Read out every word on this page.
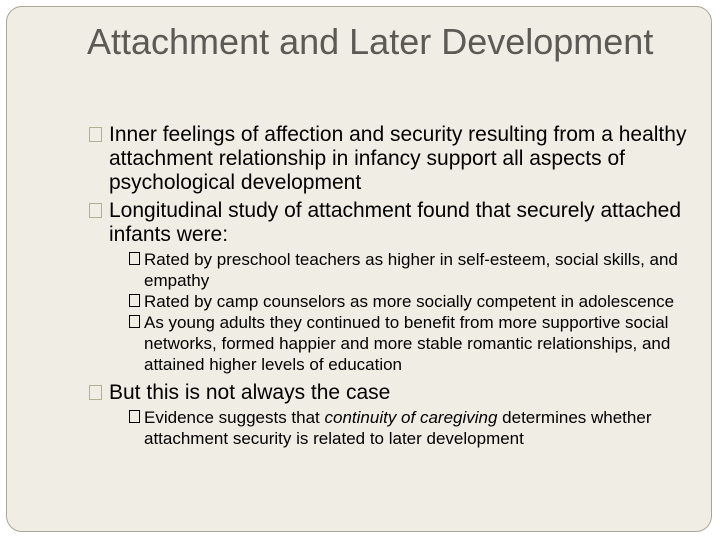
Attachment and Later Development
Inner feelings of affection and security resulting from a healthy attachment relationship in infancy support all aspects of psychological development
Longitudinal study of attachment found that securely attached infants were:
Rated by preschool teachers as higher in self-esteem, social skills, and empathy
Rated by camp counselors as more socially competent in adolescence
As young adults they continued to benefit from more supportive social networks, formed happier and more stable romantic relationships, and attained higher levels of education
But this is not always the case
Evidence suggests that continuity of caregiving determines whether attachment security is related to later development
